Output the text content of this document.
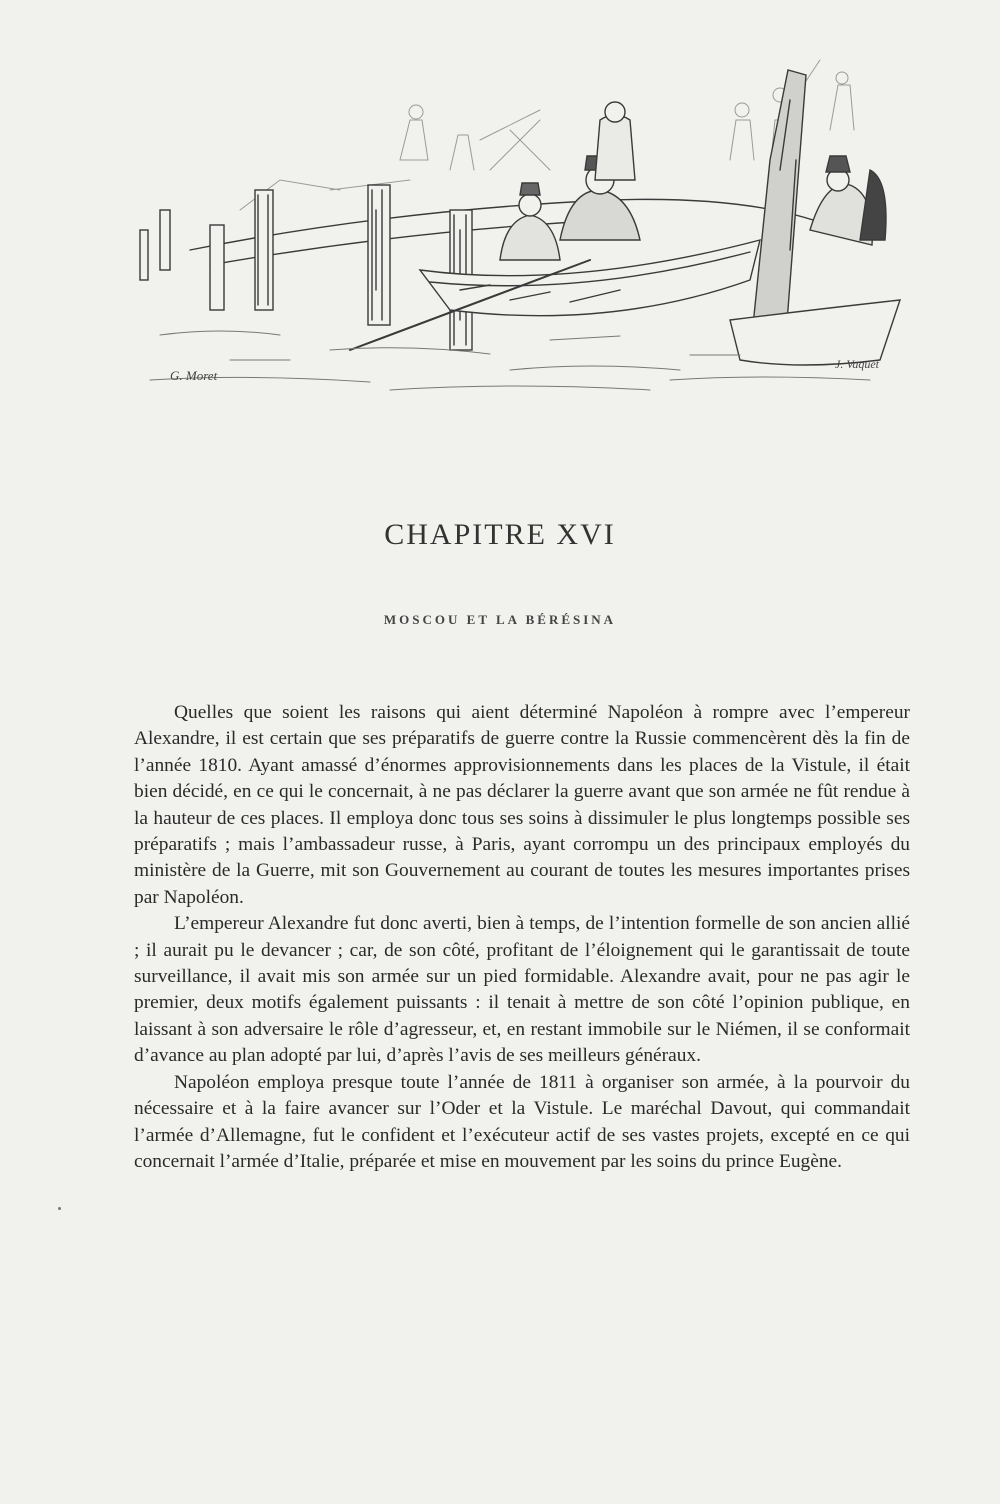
G. Moret
J. Vaquet
CHAPITRE XVI
MOSCOU ET LA BÉRÉSINA

Quelles que soient les raisons qui aient déterminé Napoléon à rompre avec l’empereur Alexandre, il est certain que ses préparatifs de guerre contre la Russie commencèrent dès la fin de l’année 1810. Ayant amassé d’énormes approvisionnements dans les places de la Vistule, il était bien décidé, en ce qui le concernait, à ne pas déclarer la guerre avant que son armée ne fût rendue à la hauteur de ces places. Il employa donc tous ses soins à dissimuler le plus longtemps possible ses préparatifs ; mais l’ambassadeur russe, à Paris, ayant corrompu un des principaux employés du ministère de la Guerre, mit son Gouvernement au courant de toutes les mesures importantes prises par Napoléon.

L’empereur Alexandre fut donc averti, bien à temps, de l’intention formelle de son ancien allié ; il aurait pu le devancer ; car, de son côté, profitant de l’éloignement qui le garantissait de toute surveillance, il avait mis son armée sur un pied formidable. Alexandre avait, pour ne pas agir le premier, deux motifs également puissants : il tenait à mettre de son côté l’opinion publique, en laissant à son adversaire le rôle d’agresseur, et, en restant immobile sur le Niémen, il se conformait d’avance au plan adopté par lui, d’après l’avis de ses meilleurs généraux.

Napoléon employa presque toute l’année de 1811 à organiser son armée, à la pourvoir du nécessaire et à la faire avancer sur l’Oder et la Vistule. Le maréchal Davout, qui commandait l’armée d’Allemagne, fut le confident et l’exécuteur actif de ses vastes projets, excepté en ce qui concernait l’armée d’Italie, préparée et mise en mouvement par les soins du prince Eugène.
